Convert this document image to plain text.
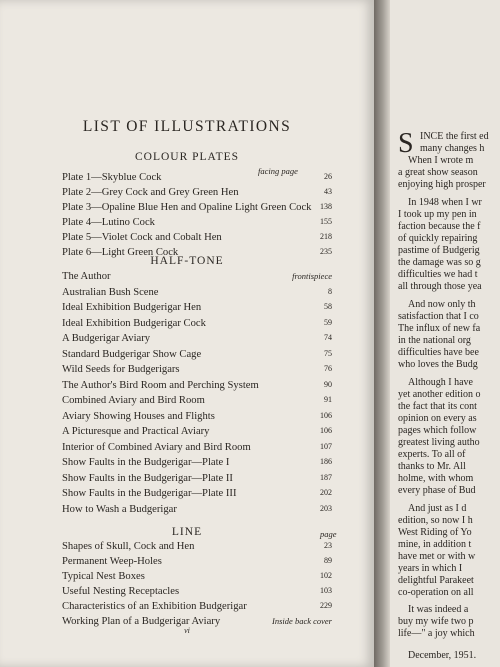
LIST OF ILLUSTRATIONS
COLOUR PLATES
facing page
Plate 1—Skyblue Cock	26
Plate 2—Grey Cock and Grey Green Hen	43
Plate 3—Opaline Blue Hen and Opaline Light Green Cock 138
Plate 4—Lutino Cock	155
Plate 5—Violet Cock and Cobalt Hen	218
Plate 6—Light Green Cock	235
HALF-TONE
The Author	frontispiece
Australian Bush Scene	8
Ideal Exhibition Budgerigar Hen	58
Ideal Exhibition Budgerigar Cock	59
A Budgerigar Aviary	74
Standard Budgerigar Show Cage	75
Wild Seeds for Budgerigars	76
The Author's Bird Room and Perching System	90
Combined Aviary and Bird Room	91
Aviary Showing Houses and Flights	106
A Picturesque and Practical Aviary	106
Interior of Combined Aviary and Bird Room	107
Show Faults in the Budgerigar—Plate I	186
Show Faults in the Budgerigar—Plate II	187
Show Faults in the Budgerigar—Plate III	202
How to Wash a Budgerigar	203
LINE	page
Shapes of Skull, Cock and Hen	23
Permanent Weep-Holes	89
Typical Nest Boxes	102
Useful Nesting Receptacles	103
Characteristics of an Exhibition Budgerigar	229
Working Plan of a Budgerigar Aviary	Inside back cover
vi
S INCE the first ed
many changes h
When I wrote m
a great show season
enjoying high prosper
In 1948 when I wr
I took up my pen in
faction because the f
of quickly repairing
pastime of Budgerig
the damage was so g
difficulties we had t
all through those yea
And now only th
satisfaction that I co
The influx of new fa
in the national org
difficulties have bee
who loves the Budg
Although I have
yet another edition o
the fact that its cont
opinion on every as
pages which follow
greatest living autho
experts. To all of
thanks to Mr. All
holme, with whom
every phase of Bud
And just as I d
edition, so now I h
West Riding of Yo
mine, in addition t
have met or with w
years in which I
delightful Parakeet
co-operation on all
It was indeed a
buy my wife two p
life—" a joy which
December, 1951.
